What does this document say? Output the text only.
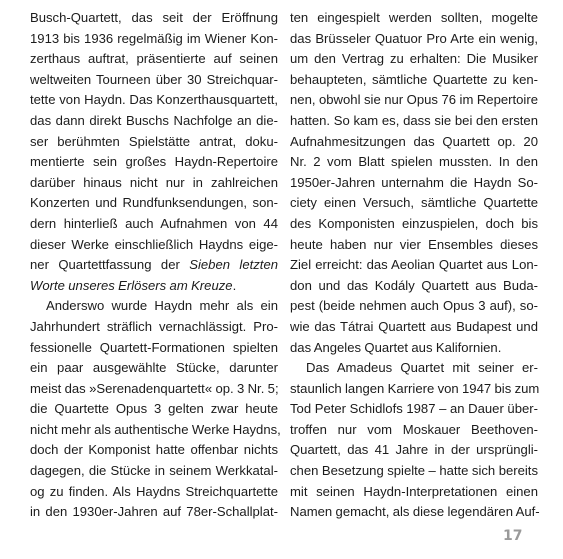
Busch-Quartett, das seit der Eröffnung
1913 bis 1936 regelmäßig im Wiener Kon-
zerthaus auftrat, präsentierte auf seinen
weltweiten Tourneen über 30 Streichquar-
tette von Haydn. Das Konzerthausquartett,
das dann direkt Buschs Nachfolge an die-
ser berühmten Spielstätte antrat, doku-
mentierte sein großes Haydn-Repertoire
darüber hinaus nicht nur in zahlreichen
Konzerten und Rundfunksendungen, son-
dern hinterließ auch Aufnahmen von 44
dieser Werke einschließlich Haydns eige-
ner Quartettfassung der Sieben letzten
Worte unseres Erlösers am Kreuze.
Anderswo wurde Haydn mehr als ein
Jahrhundert sträflich vernachlässigt. Pro-
fessionelle Quartett-Formationen spielten
ein paar ausgewählte Stücke, darunter
meist das »Serenadenquartett« op. 3 Nr. 5;
die Quartette Opus 3 gelten zwar heute
nicht mehr als authentische Werke Haydns,
doch der Komponist hatte offenbar nichts
dagegen, die Stücke in seinem Werkkatal-
og zu finden. Als Haydns Streichquartette
in den 1930er-Jahren auf 78er-Schallplat-
ten eingespielt werden sollten, mogelte
das Brüsseler Quatuor Pro Arte ein wenig,
um den Vertrag zu erhalten: Die Musiker
behaupteten, sämtliche Quartette zu ken-
nen, obwohl sie nur Opus 76 im Repertoire
hatten. So kam es, dass sie bei den ersten
Aufnahmesitzungen das Quartett op. 20
Nr. 2 vom Blatt spielen mussten. In den
1950er-Jahren unternahm die Haydn So-
ciety einen Versuch, sämtliche Quartette
des Komponisten einzuspielen, doch bis
heute haben nur vier Ensembles dieses
Ziel erreicht: das Aeolian Quartet aus Lon-
don und das Kodály Quartett aus Buda-
pest (beide nehmen auch Opus 3 auf), so-
wie das Tátrai Quartett aus Budapest und
das Angeles Quartet aus Kalifornien.
Das Amadeus Quartet mit seiner er-
staunlich langen Karriere von 1947 bis zum
Tod Peter Schidlofs 1987 – an Dauer über-
troffen nur vom Moskauer Beethoven-
Quartett, das 41 Jahre in der ursprüngli-
chen Besetzung spielte – hatte sich bereits
mit seinen Haydn-Interpretationen einen
Namen gemacht, als diese legendären Auf-
17
